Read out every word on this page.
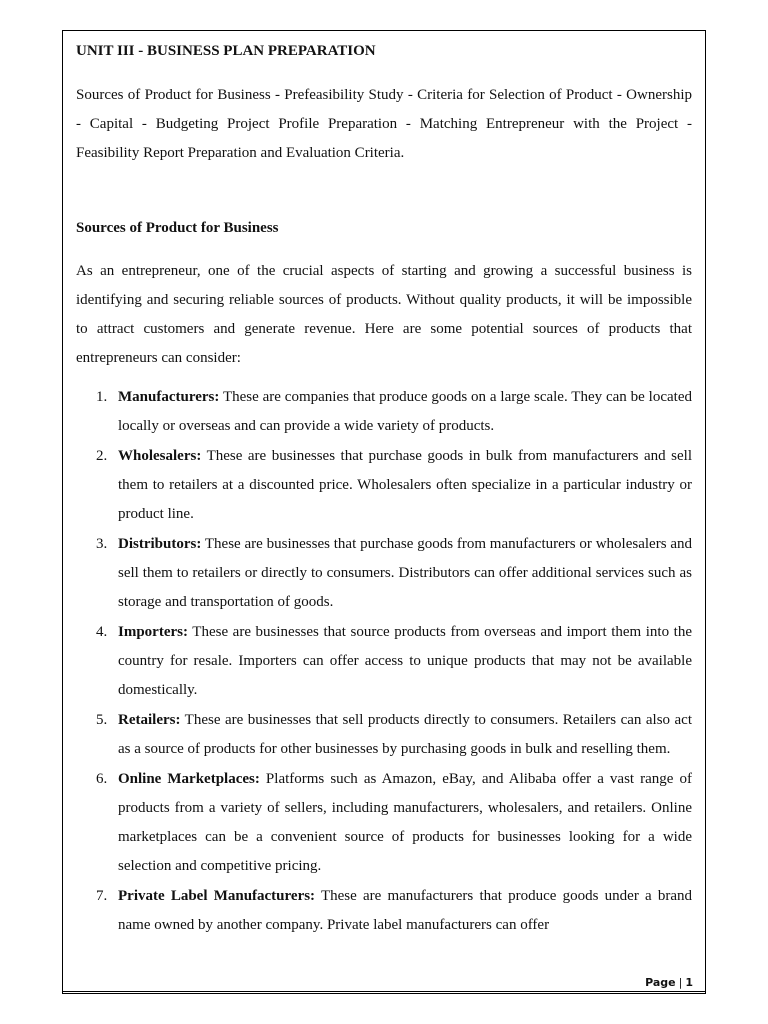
UNIT III - BUSINESS PLAN PREPARATION

Sources of Product for Business - Prefeasibility Study - Criteria for Selection of Product - Ownership - Capital - Budgeting Project Profile Preparation - Matching Entrepreneur with the Project - Feasibility Report Preparation and Evaluation Criteria.

Sources of Product for Business

As an entrepreneur, one of the crucial aspects of starting and growing a successful business is identifying and securing reliable sources of products. Without quality products, it will be impossible to attract customers and generate revenue. Here are some potential sources of products that entrepreneurs can consider:

1. Manufacturers: These are companies that produce goods on a large scale. They can be located locally or overseas and can provide a wide variety of products.

2. Wholesalers: These are businesses that purchase goods in bulk from manufacturers and sell them to retailers at a discounted price. Wholesalers often specialize in a particular industry or product line.

3. Distributors: These are businesses that purchase goods from manufacturers or wholesalers and sell them to retailers or directly to consumers. Distributors can offer additional services such as storage and transportation of goods.

4. Importers: These are businesses that source products from overseas and import them into the country for resale. Importers can offer access to unique products that may not be available domestically.

5. Retailers: These are businesses that sell products directly to consumers. Retailers can also act as a source of products for other businesses by purchasing goods in bulk and reselling them.

6. Online Marketplaces: Platforms such as Amazon, eBay, and Alibaba offer a vast range of products from a variety of sellers, including manufacturers, wholesalers, and retailers. Online marketplaces can be a convenient source of products for businesses looking for a wide selection and competitive pricing.

7. Private Label Manufacturers: These are manufacturers that produce goods under a brand name owned by another company. Private label manufacturers can offer

Page | 1
